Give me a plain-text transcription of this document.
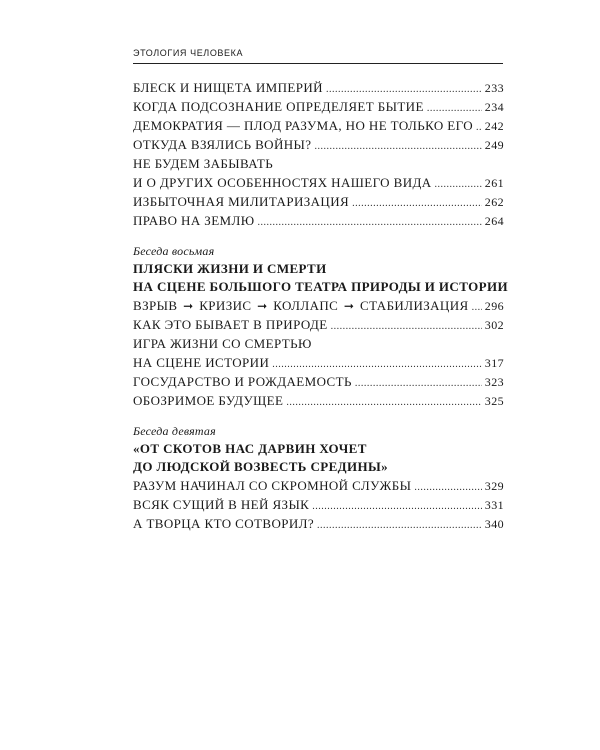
ЭТОЛОГИЯ ЧЕЛОВЕКА
БЛЕСК И НИЩЕТА ИМПЕРИЙ .....	233
КОГДА ПОДСОЗНАНИЕ ОПРЕДЕЛЯЕТ БЫТИЕ .....	234
ДЕМОКРАТИЯ — ПЛОД РАЗУМА, НО НЕ ТОЛЬКО ЕГО ..... 242
ОТКУДА ВЗЯЛИСЬ ВОЙНЫ? .....	249
НЕ БУДЕМ ЗАБЫВАТЬ
И О ДРУГИХ ОСОБЕННОСТЯХ НАШЕГО ВИДА .....	261
ИЗБЫТОЧНАЯ МИЛИТАРИЗАЦИЯ .....	262
ПРАВО НА ЗЕМЛЮ .....	264
Беседа восьмая
ПЛЯСКИ ЖИЗНИ И СМЕРТИ
НА СЦЕНЕ БОЛЬШОГО ТЕАТРА ПРИРОДЫ И ИСТОРИИ
ВЗРЫВ ➞ КРИЗИС ➞ КОЛЛАПС ➞ СТАБИЛИЗАЦИЯ ..... 296
КАК ЭТО БЫВАЕТ В ПРИРОДЕ .....	302
ИГРА ЖИЗНИ СО СМЕРТЬЮ
НА СЦЕНЕ ИСТОРИИ .....	317
ГОСУДАРСТВО И РОЖДАЕМОСТЬ .....	323
ОБОЗРИМОЕ БУДУЩЕЕ .....	325
Беседа девятая
«ОТ СКОТОВ НАС ДАРВИН ХОЧЕТ
ДО ЛЮДСКОЙ ВОЗВЕСТЬ СРЕДИНЫ»
РАЗУМ НАЧИНАЛ СО СКРОМНОЙ СЛУЖБЫ .....	329
ВСЯК СУЩИЙ В НЕЙ ЯЗЫК .....	331
А ТВОРЦА КТО СОТВОРИЛ? .....	340
